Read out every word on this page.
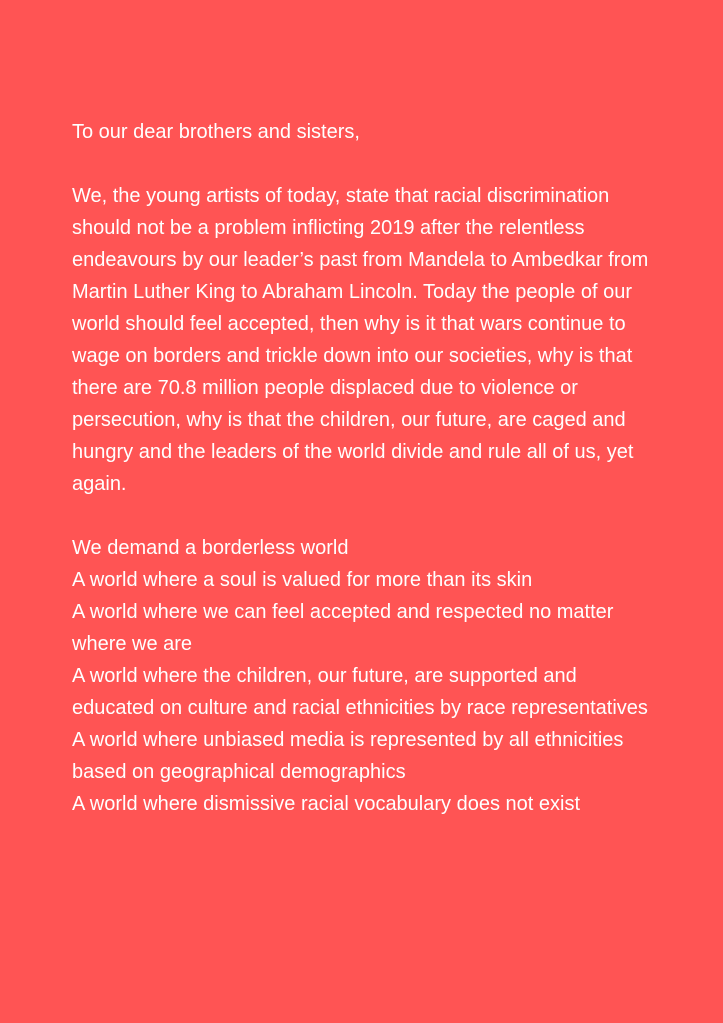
To our dear brothers and sisters,

We, the young artists of today, state that racial discrimination should not be a problem inflicting 2019 after the relentless endeavours by our leader’s past from Mandela to Ambedkar from Martin Luther King to Abraham Lincoln. Today the people of our world should feel accepted, then why is it that wars continue to wage on borders and trickle down into our societies, why is that there are 70.8 million people displaced due to violence or persecution, why is that the children, our future, are caged and hungry and the leaders of the world divide and rule all of us, yet again.

We demand a borderless world
A world where a soul is valued for more than its skin
A world where we can feel accepted and respected no matter where we are
A world where the children, our future, are supported and educated on culture and racial ethnicities by race representatives
A world where unbiased media is represented by all ethnicities based on geographical demographics
A world where dismissive racial vocabulary does not exist
